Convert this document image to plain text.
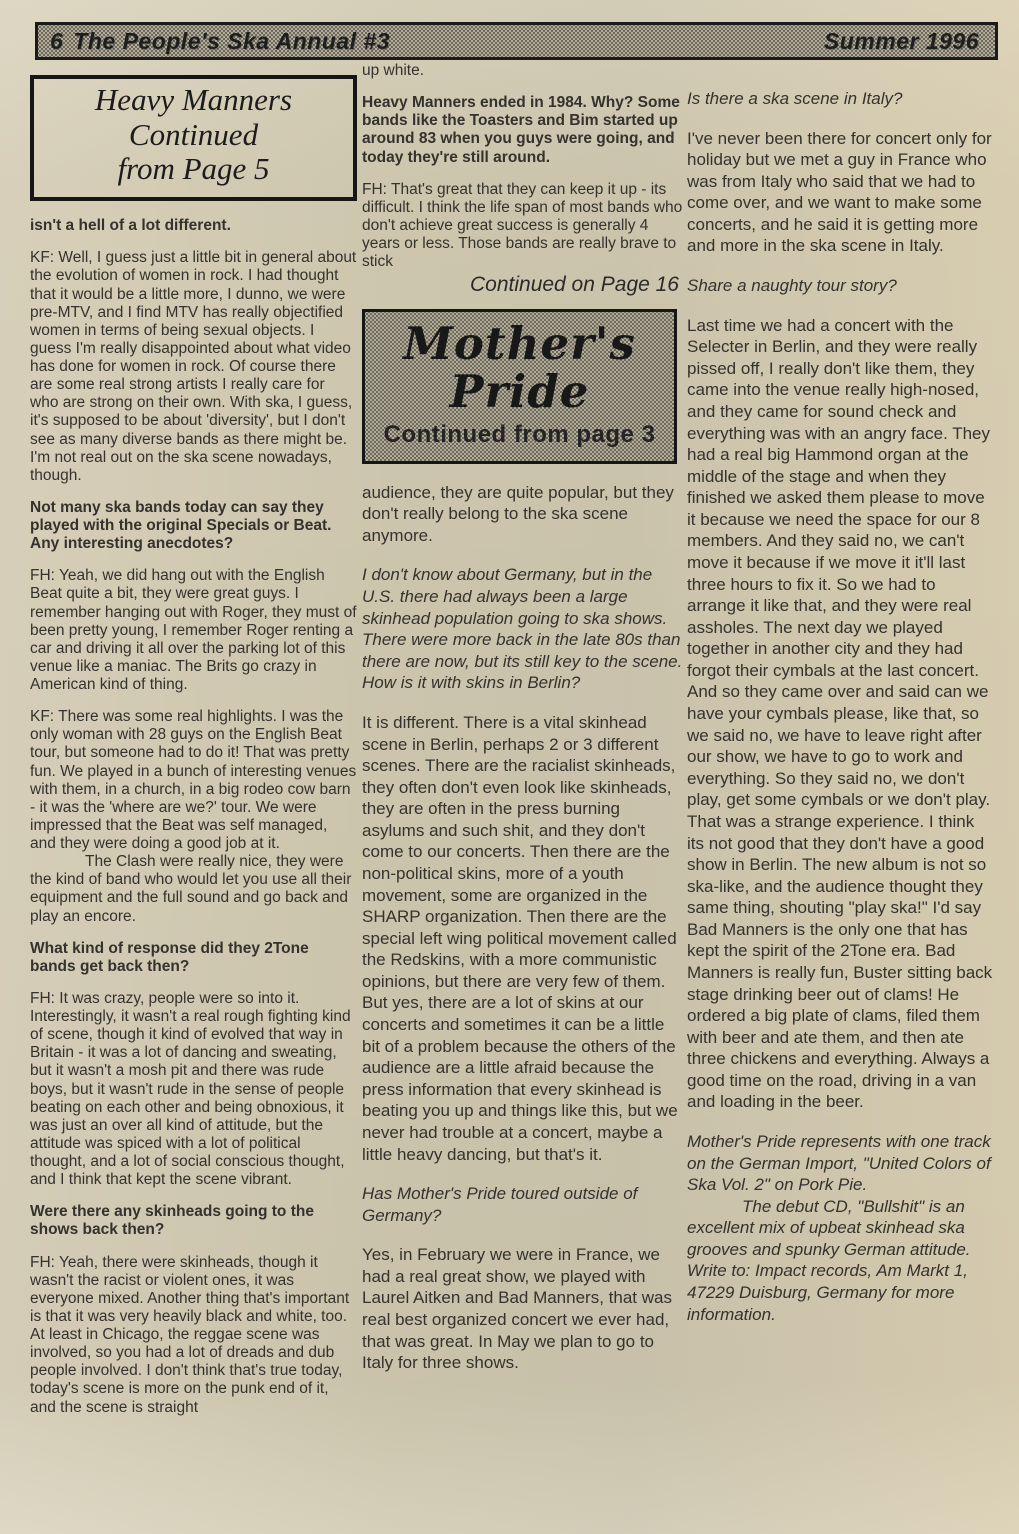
6 The People's Ska Annual #3	Summer 1996
Heavy Manners Continued
from Page 5

isn't a hell of a lot different.

KF: Well, I guess just a little bit in general about the evolution of women in rock. I had thought that it would be a little more, I dunno, we were pre-MTV, and I find MTV has really objectified women in terms of being sexual objects. I guess I'm really disappointed about what video has done for women in rock. Of course there are some real strong artists I really care for who are strong on their own. With ska, I guess, it's supposed to be about 'diversity', but I don't see as many diverse bands as there might be. I'm not real out on the ska scene nowadays, though.

Not many ska bands today can say they played with the original Specials or Beat. Any interesting anecdotes?

FH: Yeah, we did hang out with the English Beat quite a bit, they were great guys. I remember hanging out with Roger, they must of been pretty young, I remember Roger renting a car and driving it all over the parking lot of this venue like a maniac. The Brits go crazy in American kind of thing.

KF: There was some real highlights. I was the only woman with 28 guys on the English Beat tour, but someone had to do it! That was pretty fun. We played in a bunch of interesting venues with them, in a church, in a big rodeo cow barn - it was the 'where are we?' tour. We were impressed that the Beat was self managed, and they were doing a good job at it.

The Clash were really nice, they were the kind of band who would let you use all their equipment and the full sound and go back and play an encore.

What kind of response did they 2Tone bands get back then?

FH: It was crazy, people were so into it. Interestingly, it wasn't a real rough fighting kind of scene, though it kind of evolved that way in Britain - it was a lot of dancing and sweating, but it wasn't a mosh pit and there was rude boys, but it wasn't rude in the sense of people beating on each other and being obnoxious, it was just an over all kind of attitude, but the attitude was spiced with a lot of political thought, and a lot of social conscious thought, and I think that kept the scene vibrant.

Were there any skinheads going to the shows back then?

FH: Yeah, there were skinheads, though it wasn't the racist or violent ones, it was everyone mixed. Another thing that's important is that it was very heavily black and white, too. At least in Chicago, the reggae scene was involved, so you had a lot of dreads and dub people involved. I don't think that's true today, today's scene is more on the punk end of it, and the scene is straight

up white.

Heavy Manners ended in 1984. Why? Some bands like the Toasters and Bim started up around 83 when you guys were going, and today they're still around.

FH: That's great that they can keep it up - its difficult. I think the life span of most bands who don't achieve great success is generally 4 years or less. Those bands are really brave to stick

Continued on Page 16
Mother's Pride
Continued from page 3

audience, they are quite popular, but they don't really belong to the ska scene anymore.

I don't know about Germany, but in the U.S. there had always been a large skinhead population going to ska shows. There were more back in the late 80s than there are now, but its still key to the scene. How is it with skins in Berlin?

It is different. There is a vital skinhead scene in Berlin, perhaps 2 or 3 different scenes. There are the racialist skinheads, they often don't even look like skinheads, they are often in the press burning asylums and such shit, and they don't come to our concerts. Then there are the non-political skins, more of a youth movement, some are organized in the SHARP organization. Then there are the special left wing political movement called the Redskins, with a more communistic opinions, but there are very few of them. But yes, there are a lot of skins at our concerts and sometimes it can be a little bit of a problem because the others of the audience are a little afraid because the press information that every skinhead is beating you up and things like this, but we never had trouble at a concert, maybe a little heavy dancing, but that's it.

Has Mother's Pride toured outside of Germany?

Yes, in February we were in France, we had a real great show, we played with Laurel Aitken and Bad Manners, that was real best organized concert we ever had, that was great. In May we plan to go to Italy for three shows.

Is there a ska scene in Italy?

I've never been there for concert only for holiday but we met a guy in France who was from Italy who said that we had to come over, and we want to make some concerts, and he said it is getting more and more in the ska scene in Italy.

Share a naughty tour story?

Last time we had a concert with the Selecter in Berlin, and they were really pissed off, I really don't like them, they came into the venue really high-nosed, and they came for sound check and everything was with an angry face. They had a real big Hammond organ at the middle of the stage and when they finished we asked them please to move it because we need the space for our 8 members. And they said no, we can't move it because if we move it it'll last three hours to fix it. So we had to arrange it like that, and they were real assholes. The next day we played together in another city and they had forgot their cymbals at the last concert. And so they came over and said can we have your cymbals please, like that, so we said no, we have to leave right after our show, we have to go to work and everything. So they said no, we don't play, get some cymbals or we don't play. That was a strange experience. I think its not good that they don't have a good show in Berlin. The new album is not so ska-like, and the audience thought they same thing, shouting "play ska!" I'd say Bad Manners is the only one that has kept the spirit of the 2Tone era. Bad Manners is really fun, Buster sitting back stage drinking beer out of clams! He ordered a big plate of clams, filed them with beer and ate them, and then ate three chickens and everything. Always a good time on the road, driving in a van and loading in the beer.

Mother's Pride represents with one track on the German Import, "United Colors of Ska Vol. 2" on Pork Pie.

The debut CD, "Bullshit" is an excellent mix of upbeat skinhead ska grooves and spunky German attitude. Write to: Impact records, Am Markt 1, 47229 Duisburg, Germany for more information.
